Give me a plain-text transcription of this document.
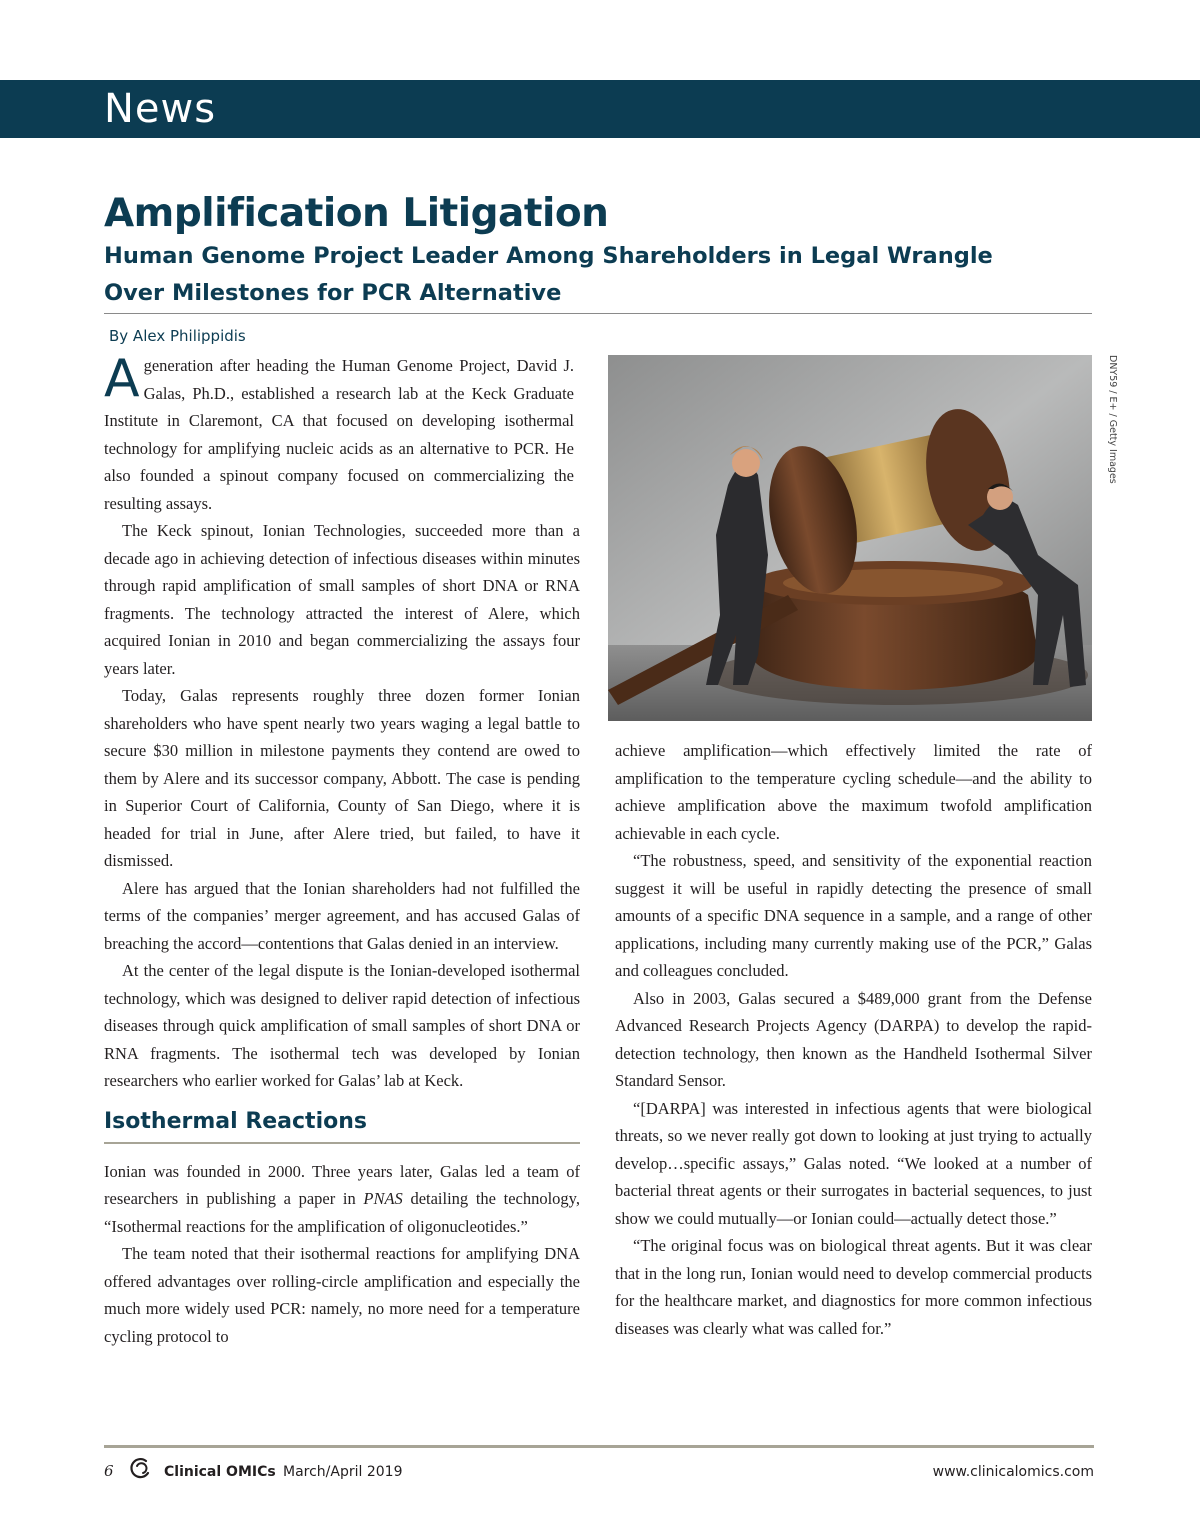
News
Amplification Litigation
Human Genome Project Leader Among Shareholders in Legal Wrangle
Over Milestones for PCR Alternative
By Alex Philippidis

Ageneration after heading the Human Genome Project, David J. Galas, Ph.D., established a research lab at the Keck Graduate Institute in Claremont, CA that focused on developing isothermal technology for amplifying nucleic acids as an alternative to PCR. He also founded a spinout company focused on commercializing the resulting assays.

The Keck spinout, Ionian Technologies, succeeded more than a decade ago in achieving detection of infectious diseases within minutes through rapid amplification of small samples of short DNA or RNA fragments. The technology attracted the interest of Alere, which acquired Ionian in 2010 and began commercializing the assays four years later.

Today, Galas represents roughly three dozen former Ionian shareholders who have spent nearly two years waging a legal battle to secure $30 million in milestone payments they contend are owed to them by Alere and its successor company, Abbott. The case is pending in Superior Court of California, County of San Diego, where it is headed for trial in June, after Alere tried, but failed, to have it dismissed.

Alere has argued that the Ionian shareholders had not fulfilled the terms of the companies’ merger agreement, and has accused Galas of breaching the accord—contentions that Galas denied in an interview.

At the center of the legal dispute is the Ionian-developed isothermal technology, which was designed to deliver rapid detection of infectious diseases through quick amplification of small samples of short DNA or RNA fragments. The isothermal tech was developed by Ionian researchers who earlier worked for Galas’ lab at Keck.

Isothermal Reactions

Ionian was founded in 2000. Three years later, Galas led a team of researchers in publishing a paper in PNAS detailing the technology, “Isothermal reactions for the amplification of oligonucleotides.”

The team noted that their isothermal reactions for amplifying DNA offered advantages over rolling-circle amplification and especially the much more widely used PCR: namely, no more need for a temperature cycling protocol to

DNY59 / E+ / Getty Images

achieve amplification—which effectively limited the rate of amplification to the temperature cycling schedule—and the ability to achieve amplification above the maximum twofold amplification achievable in each cycle.

“The robustness, speed, and sensitivity of the exponential reaction suggest it will be useful in rapidly detecting the presence of small amounts of a specific DNA sequence in a sample, and a range of other applications, including many currently making use of the PCR,” Galas and colleagues concluded.

Also in 2003, Galas secured a $489,000 grant from the Defense Advanced Research Projects Agency (DARPA) to develop the rapid-detection technology, then known as the Handheld Isothermal Silver Standard Sensor.

“[DARPA] was interested in infectious agents that were biological threats, so we never really got down to looking at just trying to actually develop…specific assays,” Galas noted. “We looked at a number of bacterial threat agents or their surrogates in bacterial sequences, to just show we could mutually—or Ionian could—actually detect those.”

“The original focus was on biological threat agents. But it was clear that in the long run, Ionian would need to develop commercial products for the healthcare market, and diagnostics for more common infectious diseases was clearly what was called for.”

6	Clinical OMICs March/April 2019	www.clinicalomics.com
